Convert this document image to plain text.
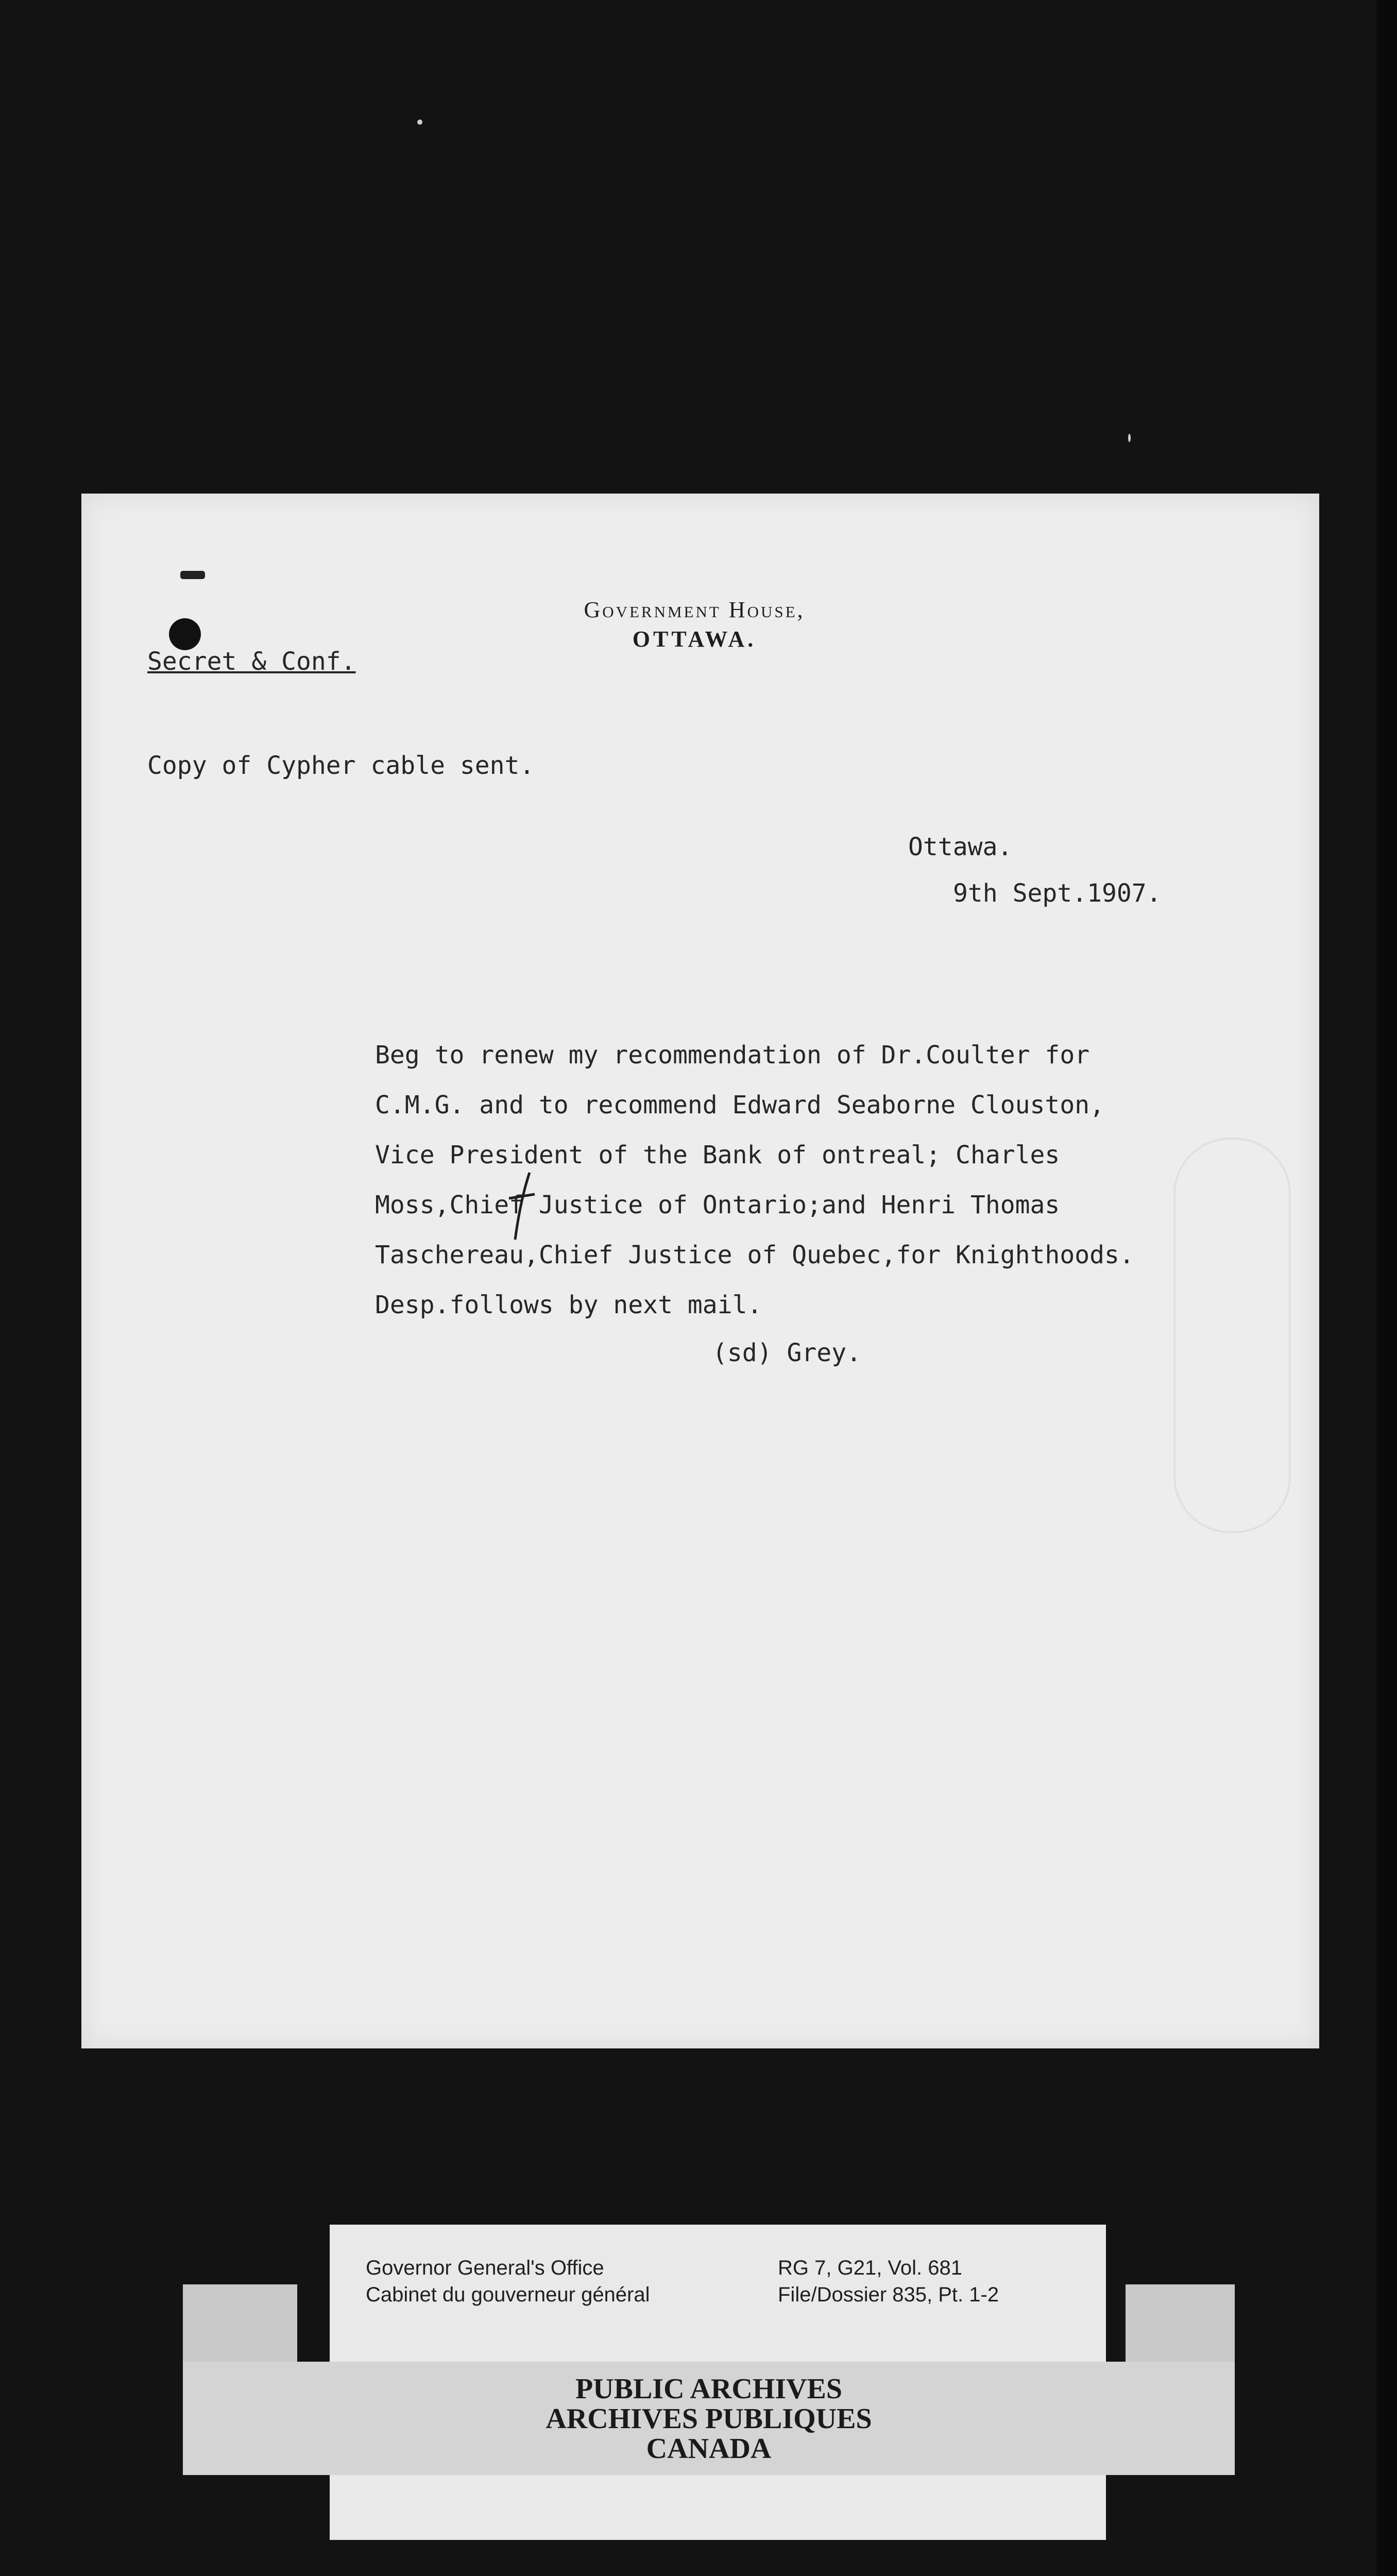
Government House,
OTTAWA.
Secret & Conf.
Copy of Cypher cable sent.
Ottawa.
9th Sept.1907.
Beg to renew my recommendation of Dr.Coulter for
C.M.G. and to recommend Edward Seaborne Clouston,
Vice President of the Bank of ontreal; Charles
Moss,Chief Justice of Ontario;and Henri Thomas
Taschereau,Chief Justice of Quebec,for Knighthoods.
Desp.follows by next mail.
(sd) Grey.
Governor General's Office
Cabinet du gouverneur général
RG 7, G21, Vol. 681
File/Dossier 835, Pt. 1-2
PUBLIC ARCHIVES
ARCHIVES PUBLIQUES
CANADA
